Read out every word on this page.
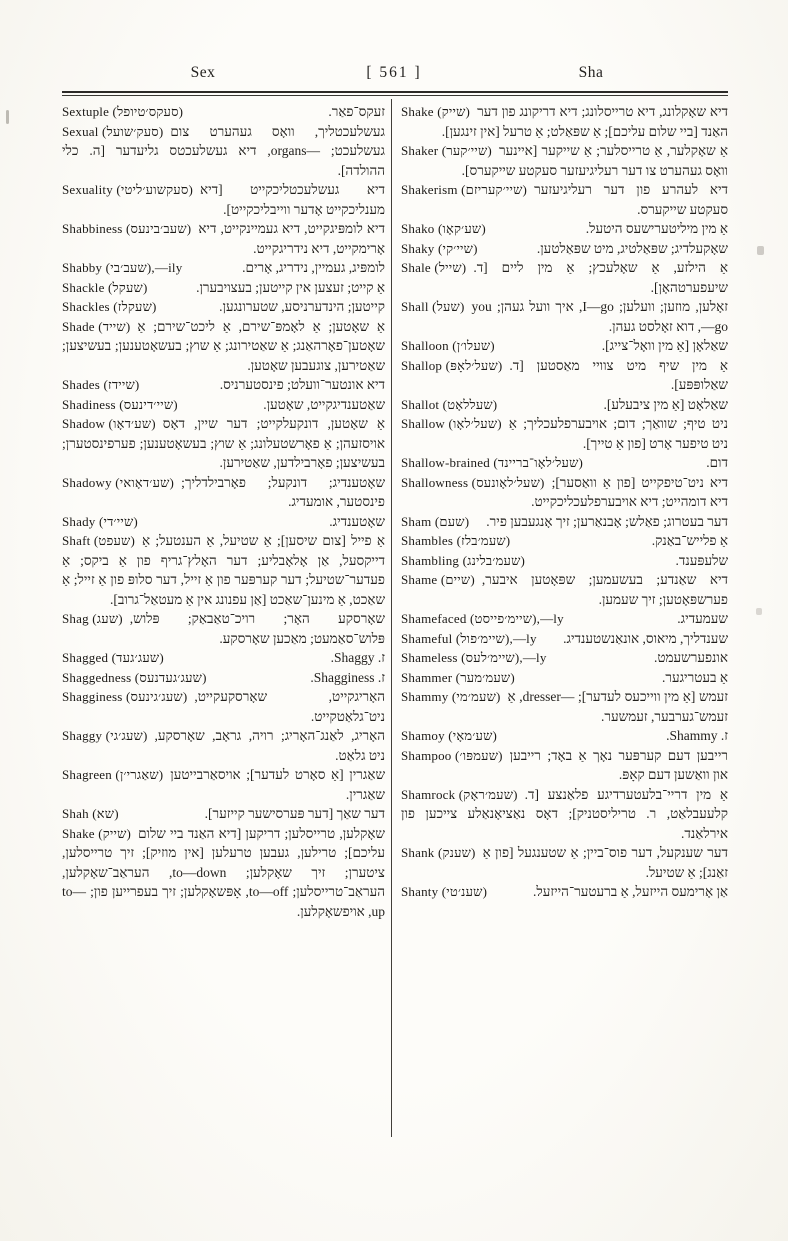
Sex	[ 561 ]	Sha
Sextuple (סעקס׳טיופל)	זעקס־פאַר.
Sexual (סעק׳שועל) געשלעכטליך, וואָס געהערט צום געשלעכט; —organs, דיא געשלעכטס גליעדער [ה. כלי ההולדה].
Sexuality (סעקשוע׳ליטי) דיא געשלעכטליכקייט [דיא מענליכקייט אָדער ווייבליכקייט].
Shabbiness (שעב׳בינעס) דיא לומפּיגקייט, דיא געמיינקייט, דיא אָרימקייט, דיא נידריגקייט.
Shabby (שעב׳בי),—ily	לומפּיג, געמיין, נידריג, אָרים.
Shackle (שעקל)	אַ קייט; זעצען אין קייטען; בעצויבערן.
Shackles (שעקלז)	קייטען; הינדערניסע, שטערונגען.
Shade (שייד) אַ שאָטען; אַ לאָמפּ־שירם, אַ ליכט־שירם; אַ שאָטען־פאָרהאַנג; אַ שאַטירונג; אַ שוץ; בעשאָטענען; בעשיצען; שאַטירען, צוגעבען שאָטען.
Shades (שיידז)	דיא אונטער־וועלט; פינסטערניס.
Shadiness (שיי׳דינעס)	שאַטענדיגקייט, שאָטען.
Shadow (שע׳דאָו) אַ שאָטען, דונקעלקייט; דער שיין, דאָס אויסזעהן; אַ פאָרשטעלונג; אַ שוץ; בעשאָטענען; פערפינסטערן; בעשיצען; פאָרבילדען, שאַטירען.
Shadowy (שע׳דאָואי) שאָטענדיג; דונקעל; פאָרבילדליך; פינסטער, אומעדיג.
Shady (שיי׳די)	שאָטענדיג.
Shaft (שעפט) אַ פייל [צום שיסען]; אַ שטיעל, אַ הענטעל; אַ דייקסעל, אַן אָלאָבליע; דער האָלץ־גריף פון אַ ביקס; אַ פעדער־שטיעל; דער קערפּער פון אַ זייל, דער סלופּ פון אַ זייל; אַ שאַכט, אַ מינען־שאַכט [אַן עפנונג אין אַ מעטאַל־גרוב].
Shag (שעג) שאָרסקע האָר; רויכ־טאַבאַק; פּלוש, פּלוש־סאַמעט; מאַכען שאָרסקע.
Shagged (שעג׳געד)	ז. Shaggy.
Shaggedness (שעג׳געדנעס)	ז. Shagginess.
Shagginess (שעג׳גינעס) האָריגקייט, שאָרסקעקייט, ניט־גלאַטקייט.
Shaggy (שעג׳גי) האָריג, לאַנג־האָריג; רויה, גראָב, שאָרסקע, ניט גלאַט.
Shagreen (שאַגרי׳ן) שאַגרין [אַ סאָרט לעדער]; אויסאַרבייטען שאַגרין.
Shah (שא)	דער שאַך [דער פּערסישער קייזער].
Shake (שייק) שאָקלען, טרייסלען; דריקען [דיא האַנד ביי שלום עליכם]; טרילען, געבען טרעלען [אין מוזיק]; זיך טרייסלען, ציטערן; זיך שאָקלען; to—down, העראַב־שאָקלען, העראַב־טרייסלען; to—off, אָפּשאָקלען; זיך בעפרייען פון; to—up, אויפשאָקלען.
Shake (שייק) דיא שאָקלונג, דיא טרייסלונג; דיא דריקונג פון דער האַנד [ביי שלום עליכם]; אַ שפּאַלט; אַ טרעל [אין זינגען].
Shaker (שיי׳קער) אַ שאָקלער, אַ טרייסלער; אַ שייקער [איינער וואָס געהערט צו דער רעליגיעזער סעקטע שייקערס].
Shakerism (שיי׳קעריזם) דיא לעהרע פון דער רעליגיעזער סעקטע שייקערס.
Shako (שע׳קאָו)	אַ מין מיליטערישעס היטעל.
Shaky (שיי׳קי)	שאָקעלדיג; שפּאַלטיג, מיט שפּאַלטען.
Shale (שייל) אַ הילזע, אַ שאָלעכץ; אַ מין ליים [ד. שיעפערטהאָן].
Shall (שעל) זאָלען, מוזען; וועלען; I—go, איך וועל געהן; you—go, דוא זאָלסט געהן.
Shalloon (שעלו׳ן)	שאַלאָן [אַ מין וואָל־צייג].
Shallop (שעל׳לאָפּ) אַ מין שיף מיט צוויי מאַסטען [ד. שאַלופּפּע].
Shallot (שעללאָט)	שאַלאָט [אַ מין ציבעלע].
Shallow (שעל׳לאָו) ניט טיף; שוואַך; דום; אויבערפלעכליך; אַ ניט טיפער אָרט [פון אַ טייך].
Shallow-brained (שעל׳לאָו־בריינד)	דום.
Shallowness (שעל׳לאָונעס) דיא ניט־טיפקייט [פון אַ וואַסער]; דיא דומהייט; דיא אויבערפלעכליכקייט.
Sham (שעם) דער בעטרוג; פאַלש; אָבנאַרען; זיך אָנגעבען פיר.
Shambles (שעמ׳בלז)	אַ פלייש־באַנק.
Shambling (שעמ׳בלינג)	שלעפּענד.
Shame (שיים) דיא שאַנדע; בעשעמען; שפּאָטען איבער, פערשפּאָטען; זיך שעמען.
Shamefaced (שיימ׳פייסט),—ly	שעמעדיג.
Shameful (שיימ׳פול),—ly שענדליך, מיאוס, אונאַנשטענדיג.
Shameless (שיימ׳לעס),—ly	אונפערשעמט.
Shammer (שעמ׳מער)	אַ בעטריגער.
Shammy (שעמ׳מי) זעמש [אַ מין ווייכעס לעדער]; —dresser, אַ זעמש־גערבער, זעמשער.
Shamoy (שע׳מאָי)	ז. Shammy.
Shampoo (שעמפּו׳) רייבען דעם קערפּער נאָך אַ באָד; רייבען און וואַשען דעם קאָפּ.
Shamrock (שעמ׳ראָק) אַ מין דריי־בלעטערדיגע פלאַנצע [ד. קלעעבלאַט, ר. טריליסטניק]; דאָס נאַציאָנאַלע צייכען פון אירלאַנד.
Shank (שענק) דער שענקעל, דער פוס־ביין; אַ שטענגעל [פון אַ זאַנג]; אַ שטיעל.
Shanty (שענ׳טי)	אַן אָרימעס הייזעל, אַ ברעטער־הייזעל.
